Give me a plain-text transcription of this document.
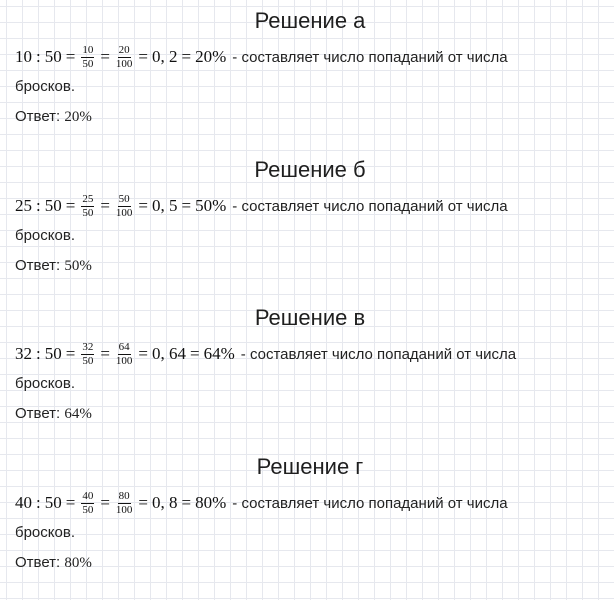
Решение а
10 : $50 = \frac{10}{50} = \frac{20}{100} = 0$, 2 = 20% - составляет число попаданий от числа
бросков.
Ответ: 20%
Решение б
25 : $50 = \frac{25}{50} = \frac{50}{100} = 0$, 5 = 50% - составляет число попаданий от числа
бросков.
Ответ: 50%
Решение в
32 : $50 = \frac{32}{50} = \frac{64}{100} = 0$, 64 = 64% - составляет число попаданий от числа
бросков.
Ответ: 64%
Решение г
40 : $50 = \frac{40}{50} = \frac{80}{100} = 0$, 8 = 80% - составляет число попаданий от числа
бросков.
Ответ: 80%
